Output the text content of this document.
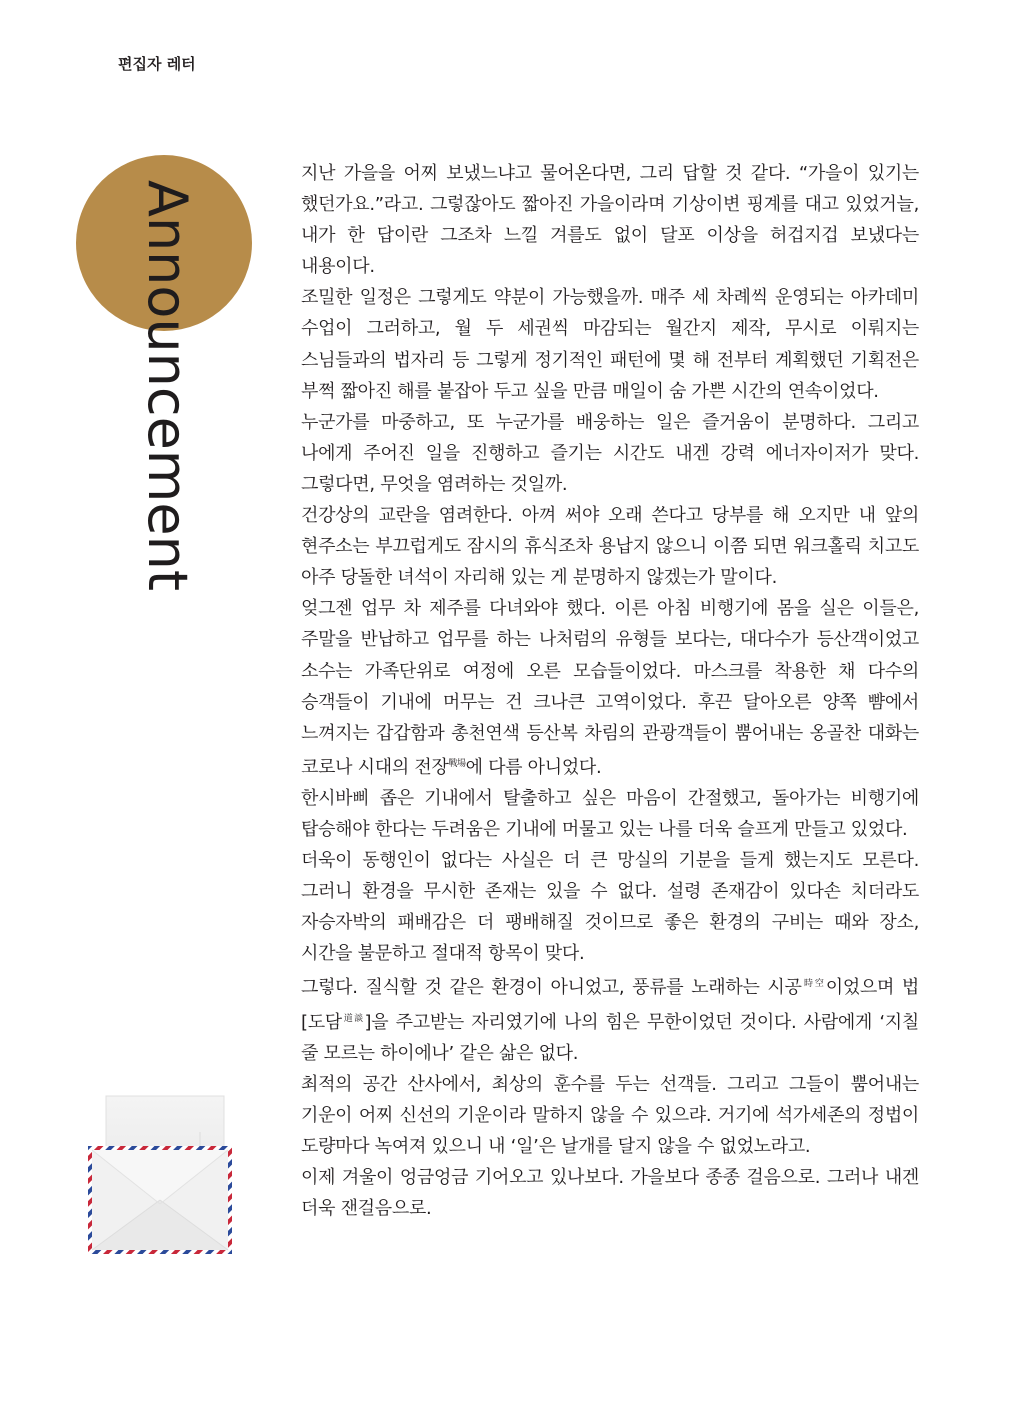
편집자 레터
Announcement

지난 가을을 어찌 보냈느냐고 물어온다면, 그리 답할 것 같다. “가을이 있기는 했던가요.”라고. 그렇잖아도 짧아진 가을이라며 기상이변 핑계를 대고 있었거늘, 내가 한 답이란 그조차 느낄 겨를도 없이 달포 이상을 허겁지겁 보냈다는 내용이다.

조밀한 일정은 그렇게도 약분이 가능했을까. 매주 세 차례씩 운영되는 아카데미 수업이 그러하고, 월 두 세권씩 마감되는 월간지 제작, 무시로 이뤄지는 스님들과의 법자리 등 그렇게 정기적인 패턴에 몇 해 전부터 계획했던 기획전은 부쩍 짧아진 해를 붙잡아 두고 싶을 만큼 매일이 숨 가쁜 시간의 연속이었다.

누군가를 마중하고, 또 누군가를 배웅하는 일은 즐거움이 분명하다. 그리고 나에게 주어진 일을 진행하고 즐기는 시간도 내겐 강력 에너자이저가 맞다. 그렇다면, 무엇을 염려하는 것일까.

건강상의 교란을 염려한다. 아껴 써야 오래 쓴다고 당부를 해 오지만 내 앞의 현주소는 부끄럽게도 잠시의 휴식조차 용납지 않으니 이쯤 되면 워크홀릭 치고도 아주 당돌한 녀석이 자리해 있는 게 분명하지 않겠는가 말이다.

엊그젠 업무 차 제주를 다녀와야 했다. 이른 아침 비행기에 몸을 실은 이들은, 주말을 반납하고 업무를 하는 나처럼의 유형들 보다는, 대다수가 등산객이었고 소수는 가족단위로 여정에 오른 모습들이었다. 마스크를 착용한 채 다수의 승객들이 기내에 머무는 건 크나큰 고역이었다. 후끈 달아오른 양쪽 뺨에서 느껴지는 갑갑함과 총천연색 등산복 차림의 관광객들이 뿜어내는 옹골찬 대화는 코로나 시대의 전장$^{戰場}$에 다름 아니었다.

한시바삐 좁은 기내에서 탈출하고 싶은 마음이 간절했고, 돌아가는 비행기에 탑승해야 한다는 두려움은 기내에 머물고 있는 나를 더욱 슬프게 만들고 있었다.

더욱이 동행인이 없다는 사실은 더 큰 망실의 기분을 들게 했는지도 모른다. 그러니 환경을 무시한 존재는 있을 수 없다. 설령 존재감이 있다손 치더라도 자승자박의 패배감은 더 팽배해질 것이므로 좋은 환경의 구비는 때와 장소, 시간을 불문하고 절대적 항목이 맞다.

그렇다. 질식할 것 같은 환경이 아니었고, 풍류를 노래하는 시공$^{時空}$이었으며 법[도담$^{道談}$]을 주고받는 자리였기에 나의 힘은 무한이었던 것이다. 사람에게 ‘지칠 줄 모르는 하이에나’ 같은 삶은 없다.

최적의 공간 산사에서, 최상의 훈수를 두는 선객들. 그리고 그들이 뿜어내는 기운이 어찌 신선의 기운이라 말하지 않을 수 있으랴. 거기에 석가세존의 정법이 도량마다 녹여져 있으니 내 ‘일’은 날개를 달지 않을 수 없었노라고.

이제 겨울이 엉금엉금 기어오고 있나보다. 가을보다 종종 걸음으로. 그러나 내겐 더욱 잰걸음으로.
